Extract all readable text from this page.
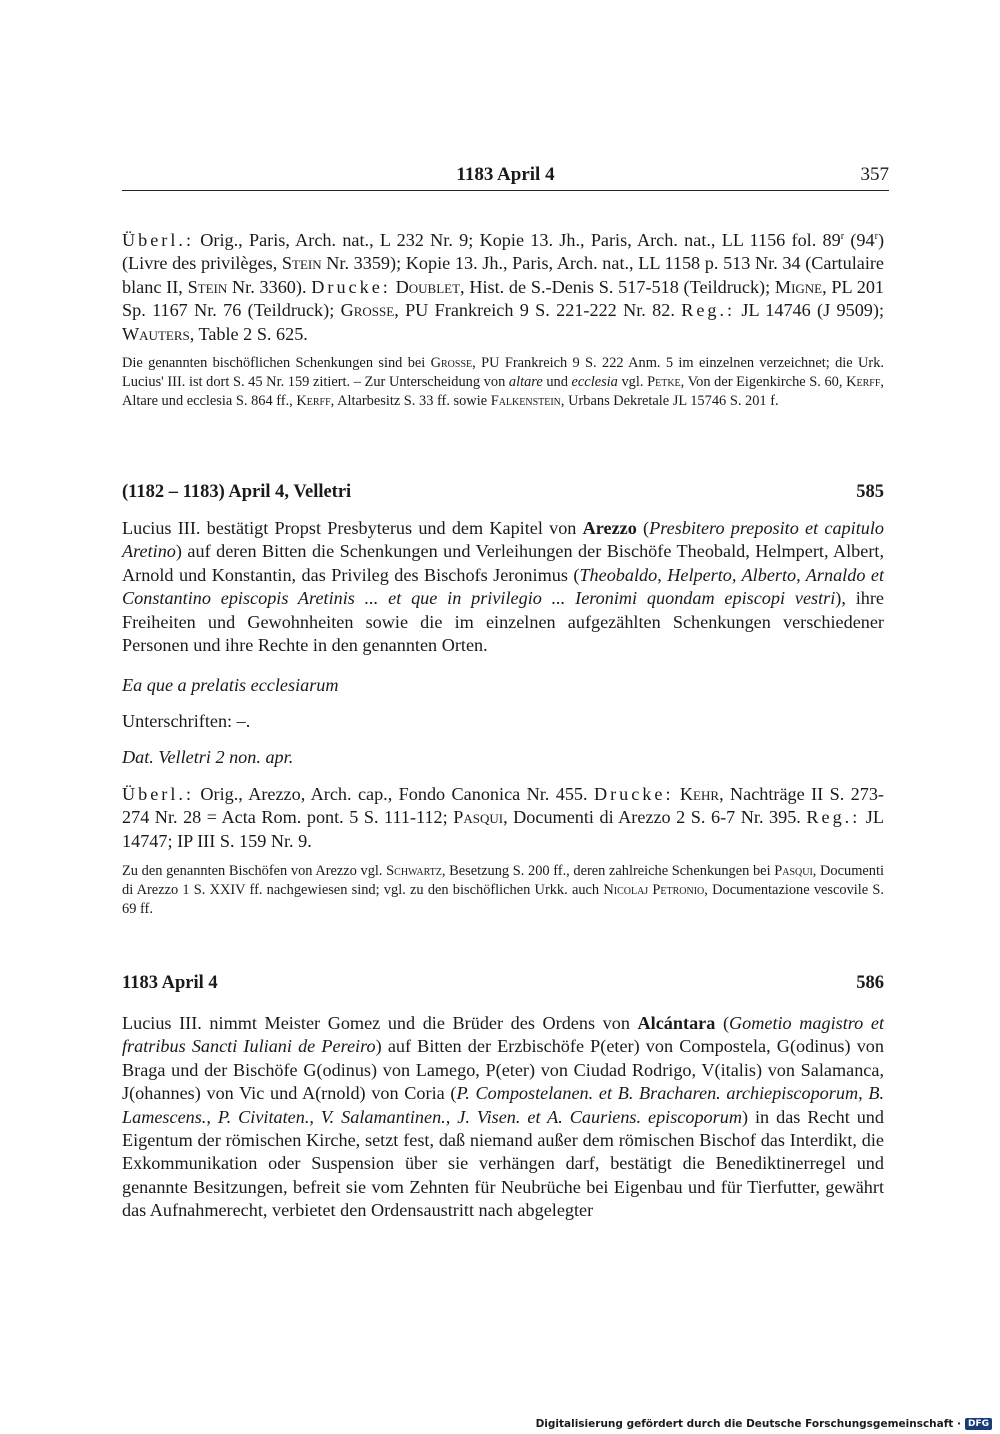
1183 April 4	357

Überl.: Orig., Paris, Arch. nat., L 232 Nr. 9; Kopie 13. Jh., Paris, Arch. nat., LL 1156 fol. 89$^r$ (94$^r$) (Livre des privilèges, Stein Nr. 3359); Kopie 13. Jh., Paris, Arch. nat., LL 1158 p. 513 Nr. 34 (Cartulaire blanc II, Stein Nr. 3360). Drucke: Doublet, Hist. de S.-Denis S. 517-518 (Teildruck); Migne, PL 201 Sp. 1167 Nr. 76 (Teildruck); Grosse, PU Frankreich 9 S. 221-222 Nr. 82. Reg.: JL 14746 (J 9509); Wauters, Table 2 S. 625.

Die genannten bischöflichen Schenkungen sind bei Grosse, PU Frankreich 9 S. 222 Anm. 5 im einzelnen verzeichnet; die Urk. Lucius' III. ist dort S. 45 Nr. 159 zitiert. – Zur Unterscheidung von altare und ecclesia vgl. Petke, Von der Eigenkirche S. 60, Kerff, Altare und ecclesia S. 864 ff., Kerff, Altarbesitz S. 33 ff. sowie Falkenstein, Urbans Dekretale JL 15746 S. 201 f.

(1182 – 1183) April 4, Velletri	585

Lucius III. bestätigt Propst Presbyterus und dem Kapitel von Arezzo (Presbitero preposito et capitulo Aretino) auf deren Bitten die Schenkungen und Verleihungen der Bischöfe Theobald, Helmpert, Albert, Arnold und Konstantin, das Privileg des Bischofs Jeronimus (Theobaldo, Helperto, Alberto, Arnaldo et Constantino episcopis Aretinis ... et que in privilegio ... Ieronimi quondam episcopi vestri), ihre Freiheiten und Gewohnheiten sowie die im einzelnen aufgezählten Schenkungen verschiedener Personen und ihre Rechte in den genannten Orten.

Ea que a prelatis ecclesiarum

Unterschriften: –.

Dat. Velletri 2 non. apr.

Überl.: Orig., Arezzo, Arch. cap., Fondo Canonica Nr. 455. Drucke: Kehr, Nachträge II S. 273-274 Nr. 28 = Acta Rom. pont. 5 S. 111-112; Pasqui, Documenti di Arezzo 2 S. 6-7 Nr. 395. Reg.: JL 14747; IP III S. 159 Nr. 9.

Zu den genannten Bischöfen von Arezzo vgl. Schwartz, Besetzung S. 200 ff., deren zahlreiche Schenkungen bei Pasqui, Documenti di Arezzo 1 S. XXIV ff. nachgewiesen sind; vgl. zu den bischöflichen Urkk. auch Nicolaj Petronio, Documentazione vescovile S. 69 ff.

1183 April 4	586

Lucius III. nimmt Meister Gomez und die Brüder des Ordens von Alcántara (Gometio magistro et fratribus Sancti Iuliani de Pereiro) auf Bitten der Erzbischöfe P(eter) von Compostela, G(odinus) von Braga und der Bischöfe G(odinus) von Lamego, P(eter) von Ciudad Rodrigo, V(italis) von Salamanca, J(ohannes) von Vic und A(rnold) von Coria (P. Compostelanen. et B. Bracharen. archiepiscoporum, B. Lamescens., P. Civitaten., V. Salamantinen., J. Visen. et A. Cauriens. episcoporum) in das Recht und Eigentum der römischen Kirche, setzt fest, daß niemand außer dem römischen Bischof das Interdikt, die Exkommunikation oder Suspension über sie verhängen darf, bestätigt die Benediktinerregel und genannte Besitzungen, befreit sie vom Zehnten für Neubrüche bei Eigenbau und für Tierfutter, gewährt das Aufnahmerecht, verbietet den Ordensaustritt nach abgelegter

Digitalisierung gefördert durch die Deutsche Forschungsgemeinschaft · DFG
